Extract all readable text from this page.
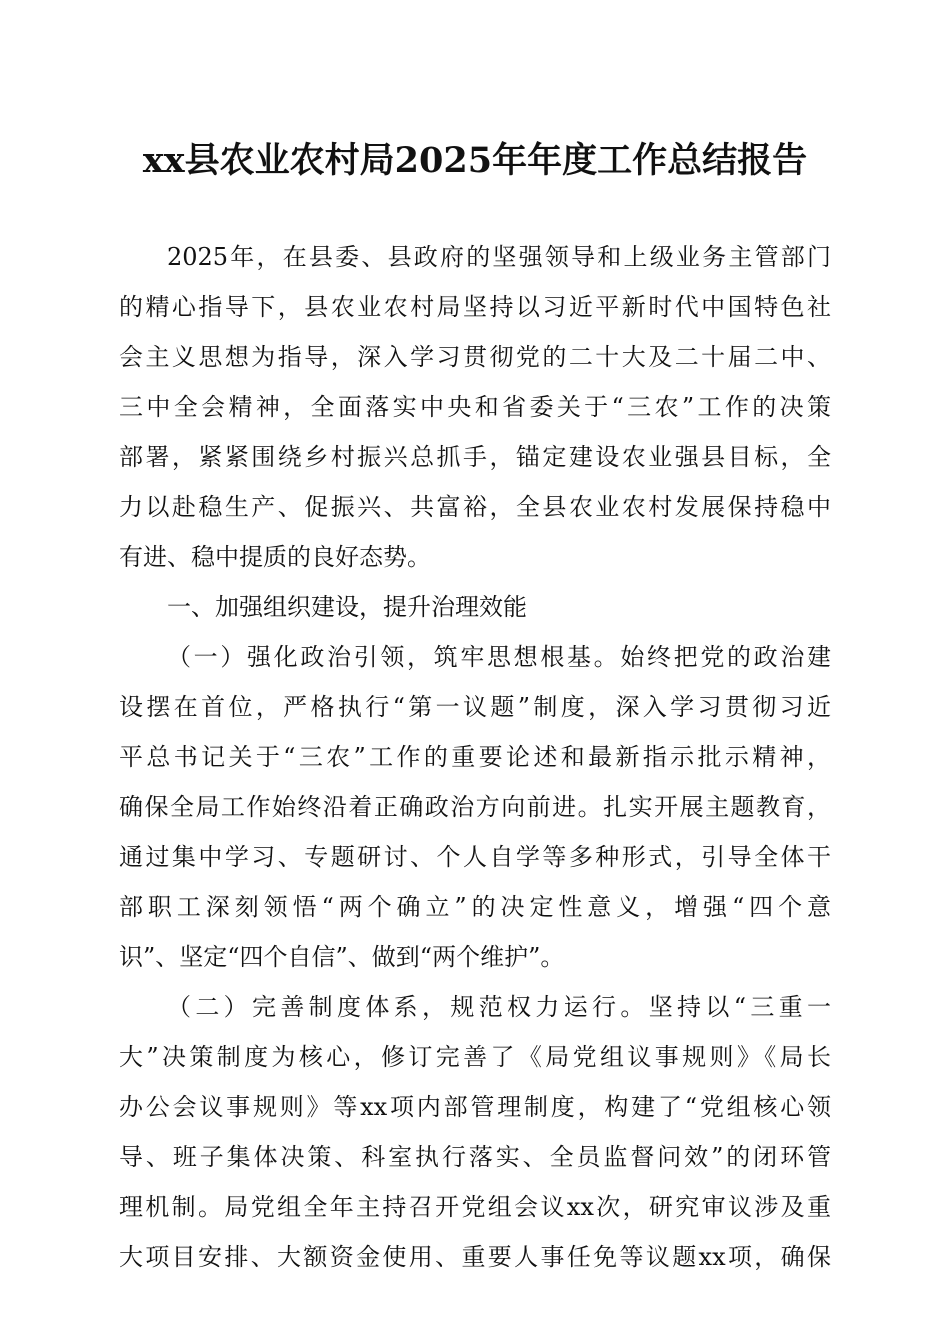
xx县农业农村局2025年年度工作总结报告
2025年，在县委、县政府的坚强领导和上级业务主管部门
的精心指导下，县农业农村局坚持以习近平新时代中国特色社
会主义思想为指导，深入学习贯彻党的二十大及二十届二中、
三中全会精神，全面落实中央和省委关于“三农”工作的决策
部署，紧紧围绕乡村振兴总抓手，锚定建设农业强县目标，全
力以赴稳生产、促振兴、共富裕，全县农业农村发展保持稳中
有进、稳中提质的良好态势。
一、加强组织建设，提升治理效能
（一）强化政治引领，筑牢思想根基。始终把党的政治建
设摆在首位，严格执行“第一议题”制度，深入学习贯彻习近
平总书记关于“三农”工作的重要论述和最新指示批示精神，
确保全局工作始终沿着正确政治方向前进。扎实开展主题教育，
通过集中学习、专题研讨、个人自学等多种形式，引导全体干
部职工深刻领悟“两个确立”的决定性意义，增强“四个意
识”、坚定“四个自信”、做到“两个维护”。
（二）完善制度体系，规范权力运行。坚持以“三重一
大”决策制度为核心，修订完善了《局党组议事规则》《局长
办公会议事规则》等xx项内部管理制度，构建了“党组核心领
导、班子集体决策、科室执行落实、全员监督问效”的闭环管
理机制。局党组全年主持召开党组会议xx次，研究审议涉及重
大项目安排、大额资金使用、重要人事任免等议题xx项，确保
